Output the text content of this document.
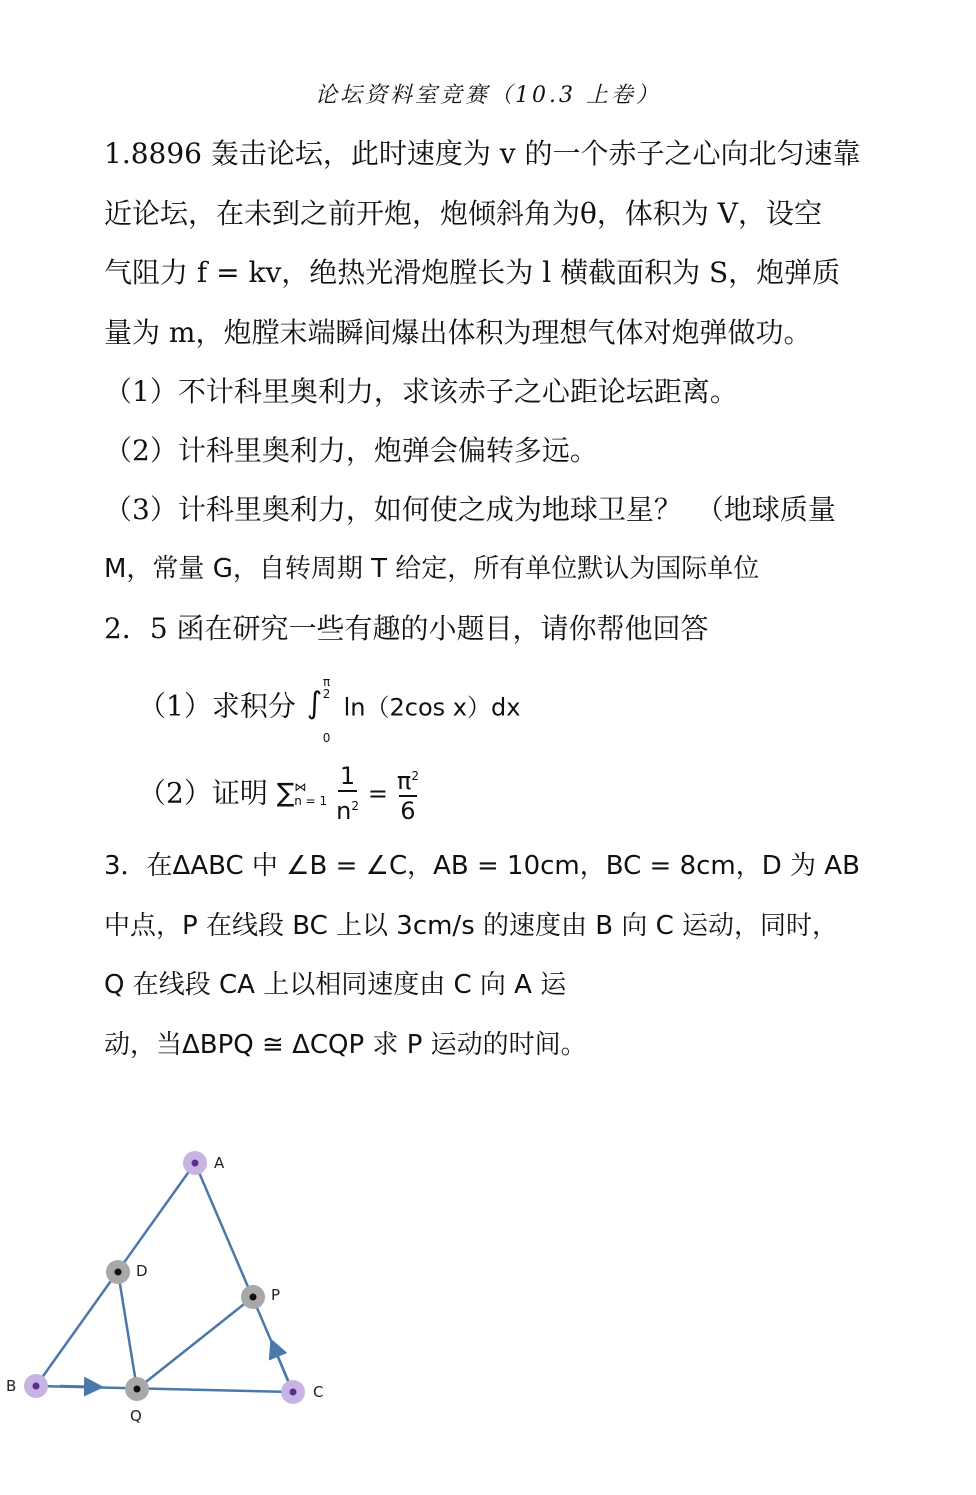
论坛资料室竞赛（10.3 上卷）
1.8896 轰击论坛，此时速度为 v 的一个赤子之心向北匀速靠
近论坛，在未到之前开炮，炮倾斜角为θ，体积为 V，设空
气阻力 f = kv，绝热光滑炮膛长为 l 横截面积为 S，炮弹质
量为 m，炮膛末端瞬间爆出体积为理想气体对炮弹做功。
（1）不计科里奥利力，求该赤子之心距论坛距离。
（2）计科里奥利力，炮弹会偏转多远。
（3）计科里奥利力，如何使之成为地球卫星？　（地球质量
M，常量 G，自转周期 T 给定，所有单位默认为国际单位
2．5 函在研究一些有趣的小题目，请你帮他回答
（1）求积分 ∫
π
2
0
ln（2cos x）dx
（2）证明 ∑⋈
$n = 1 \frac{1}{n^2} = \frac{\pi^2}{6}$
3．在ΔABC 中 ∠B = ∠C，AB = 10cm，BC = 8cm，D 为 AB
中点，P 在线段 BC 上以 3cm/s 的速度由 B 向 C 运动，同时，
Q 在线段 CA 上以相同速度由 C 向 A 运
动，当ΔBPQ ≅ ΔCQP 求 P 运动的时间。
A
B	C
D
P
Q
